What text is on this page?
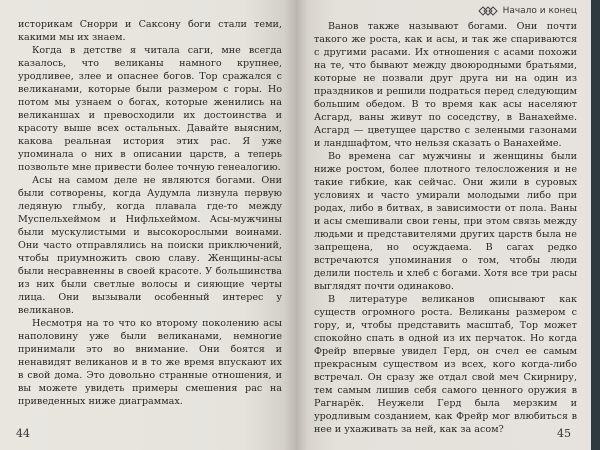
историкам Снорри и Саксону боги стали теми, какими мы их знаем.

Когда в детстве я читала саги, мне всегда казалось, что великаны намного крупнее, уродливее, злее и опаснее богов. Тор сражался с великанами, которые были размером с горы. Но потом мы узнаем о богах, которые женились на великаншах и превосходили их достоинства и красоту выше всех остальных. Давайте выясним, какова реальная история этих рас. Я уже упоминала о них в описании царств, а теперь позвольте мне привести более точную генеалогию.

Асы на самом деле не являются богами. Они были сотворены, когда Аудумла лизнула первую ледяную глыбу, когда плавала где-то между Муспельхеймом и Нифльхеймом. Асы-мужчины были мускулистыми и высокорослыми воинами. Они часто отправлялись на поиски приключений, чтобы приумножить свою славу. Женщины-асы были несравненны в своей красоте. У большинства из них были светлые волосы и сияющие черты лица. Они вызывали особенный интерес у великанов.

Несмотря на то что ко второму поколению асы наполовину уже были великанами, немногие принимали это во внимание. Они боятся и ненавидят великанов и в то же время впускают их в свой дома. Это довольно странные отношения, и вы можете увидеть примеры смешения рас на приведенных ниже диаграммах.

44
Начало и конец

Ванов также называют богами. Они почти такого же роста, как и асы, и так же спариваются с другими расами. Их отношения с асами похожи на те, что бывают между двоюродными братьями, которые не позвали друг друга ни на один из праздников и решили подраться перед следующим большим обедом. В то время как асы населяют Асгард, ваны живут по соседству, в Ванахейме. Асгард — цветущее царство с зелеными газонами и ландшафтом, что нельзя сказать о Ванахейме.

Во времена саг мужчины и женщины были ниже ростом, более плотного телосложения и не такие гибкие, как сейчас. Они жили в суровых условиях и часто умирали молодыми либо при родах, либо в битвах, в зависимости от пола. Ваны и асы смешивали свои гены, при этом связь между людьми и представителями других царств была не запрещена, но осуждаема. В сагах редко встречаются упоминания о том, чтобы люди делили постель и хлеб с богами. Хотя все три расы выглядят почти одинаково.

В литературе великанов описывают как существ огромного роста. Великаны размером с гору, и, чтобы представить масштаб, Тор может спокойно спать в одной из их перчаток. Но когда Фрейр впервые увидел Герд, он счел ее самым прекрасным существом из всех, кого когда-либо встречал. Он сразу же отдал свой меч Скирниру, тем самым лишив себя самого ценного оружия в Рагнарёк. Неужели Герд была мерзким и уродливым созданием, как Фрейр мог влюбиться в нее и ухаживать за ней, как за асом?	45
